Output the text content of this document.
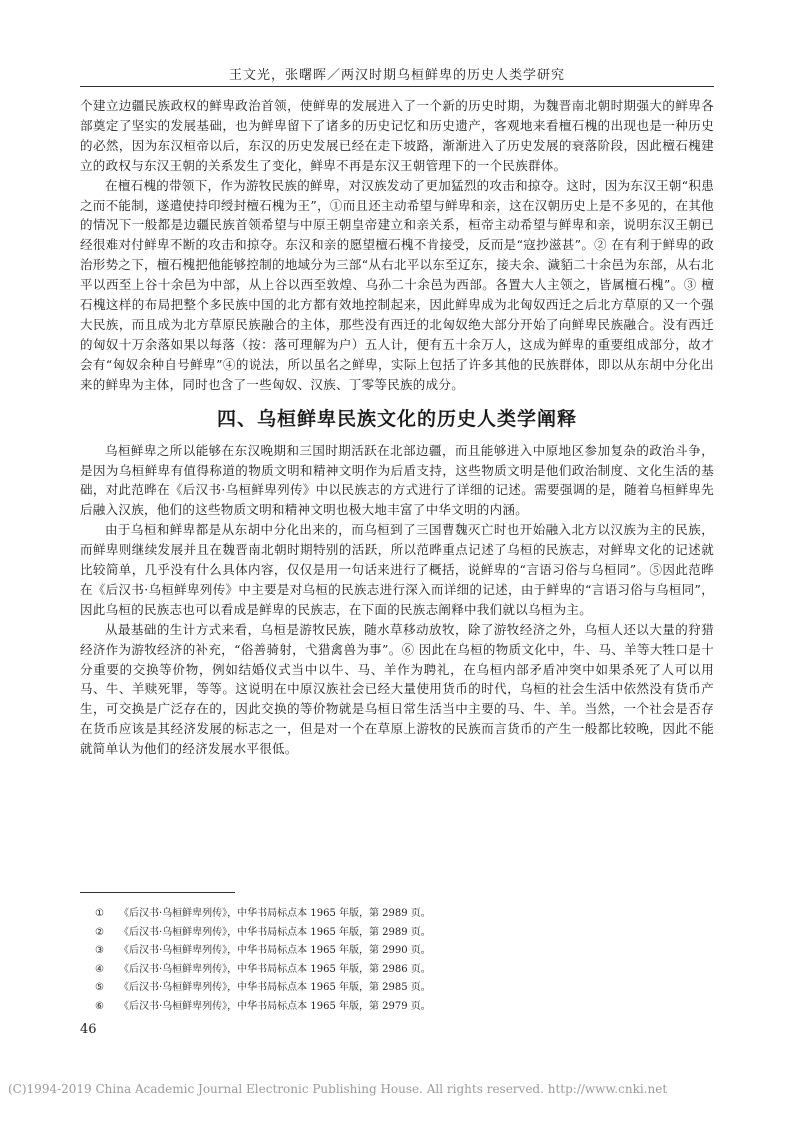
王文光，张曙晖／两汉时期乌桓鲜卑的历史人类学研究

个建立边疆民族政权的鲜卑政治首领，使鲜卑的发展进入了一个新的历史时期，为魏晋南北朝时期强大的鲜卑各部奠定了坚实的发展基础，也为鲜卑留下了诸多的历史记忆和历史遗产，客观地来看檀石槐的出现也是一种历史的必然，因为东汉桓帝以后，东汉的历史发展已经在走下坡路，渐渐进入了历史发展的衰落阶段，因此檀石槐建立的政权与东汉王朝的关系发生了变化，鲜卑不再是东汉王朝管理下的一个民族群体。

在檀石槐的带领下，作为游牧民族的鲜卑，对汉族发动了更加猛烈的攻击和掠夺。这时，因为东汉王朝“积患之而不能制，遂遣使持印绶封檀石槐为王”，①而且还主动希望与鲜卑和亲，这在汉朝历史上是不多见的，在其他的情况下一般都是边疆民族首领希望与中原王朝皇帝建立和亲关系，桓帝主动希望与鲜卑和亲，说明东汉王朝已经很难对付鲜卑不断的攻击和掠夺。东汉和亲的愿望檀石槐不肯接受，反而是“寇抄滋甚”。② 在有利于鲜卑的政治形势之下，檀石槐把他能够控制的地域分为三部“从右北平以东至辽东，接夫余、濊貊二十余邑为东部，从右北平以西至上谷十余邑为中部，从上谷以西至敦煌、乌孙二十余邑为西部。各置大人主领之，皆属檀石槐”。③ 檀石槐这样的布局把整个多民族中国的北方都有效地控制起来，因此鲜卑成为北匈奴西迁之后北方草原的又一个强大民族，而且成为北方草原民族融合的主体，那些没有西迁的北匈奴绝大部分开始了向鲜卑民族融合。没有西迁的匈奴十万余落如果以每落（按：落可理解为户）五人计，便有五十余万人，这成为鲜卑的重要组成部分，故才会有“匈奴余种自号鲜卑”④的说法，所以虽名之鲜卑，实际上包括了许多其他的民族群体，即以从东胡中分化出来的鲜卑为主体，同时也含了一些匈奴、汉族、丁零等民族的成分。

四、乌桓鲜卑民族文化的历史人类学阐释

乌桓鲜卑之所以能够在东汉晚期和三国时期活跃在北部边疆，而且能够进入中原地区参加复杂的政治斗争，是因为乌桓鲜卑有值得称道的物质文明和精神文明作为后盾支持，这些物质文明是他们政治制度、文化生活的基础，对此范晔在《后汉书·乌桓鲜卑列传》中以民族志的方式进行了详细的记述。需要强调的是，随着乌桓鲜卑先后融入汉族，他们的这些物质文明和精神文明也极大地丰富了中华文明的内涵。

由于乌桓和鲜卑都是从东胡中分化出来的，而乌桓到了三国曹魏灭亡时也开始融入北方以汉族为主的民族，而鲜卑则继续发展并且在魏晋南北朝时期特别的活跃，所以范晔重点记述了乌桓的民族志，对鲜卑文化的记述就比较简单，几乎没有什么具体内容，仅仅是用一句话来进行了概括，说鲜卑的“言语习俗与乌桓同”。⑤因此范晔在《后汉书·乌桓鲜卑列传》中主要是对乌桓的民族志进行深入而详细的记述，由于鲜卑的“言语习俗与乌桓同”，因此乌桓的民族志也可以看成是鲜卑的民族志，在下面的民族志阐释中我们就以乌桓为主。

从最基础的生计方式来看，乌桓是游牧民族，随水草移动放牧，除了游牧经济之外，乌桓人还以大量的狩猎经济作为游牧经济的补充，“俗善骑射，弋猎禽兽为事”。⑥ 因此在乌桓的物质文化中，牛、马、羊等大牲口是十分重要的交换等价物，例如结婚仪式当中以牛、马、羊作为聘礼，在乌桓内部矛盾冲突中如果杀死了人可以用马、牛、羊赎死罪，等等。这说明在中原汉族社会已经大量使用货币的时代，乌桓的社会生活中依然没有货币产生，可交换是广泛存在的，因此交换的等价物就是乌桓日常生活当中主要的马、牛、羊。当然，一个社会是否存在货币应该是其经济发展的标志之一，但是对一个在草原上游牧的民族而言货币的产生一般都比较晚，因此不能就简单认为他们的经济发展水平很低。

① 《后汉书·乌桓鲜卑列传》，中华书局标点本 1965 年版，第 2989 页。
② 《后汉书·乌桓鲜卑列传》，中华书局标点本 1965 年版，第 2989 页。
③ 《后汉书·乌桓鲜卑列传》，中华书局标点本 1965 年版，第 2990 页。
④ 《后汉书·乌桓鲜卑列传》，中华书局标点本 1965 年版，第 2986 页。
⑤ 《后汉书·乌桓鲜卑列传》，中华书局标点本 1965 年版，第 2985 页。
⑥ 《后汉书·乌桓鲜卑列传》，中华书局标点本 1965 年版，第 2979 页。
46
(C)1994-2019 China Academic Journal Electronic Publishing House. All rights reserved. http://www.cnki.net
